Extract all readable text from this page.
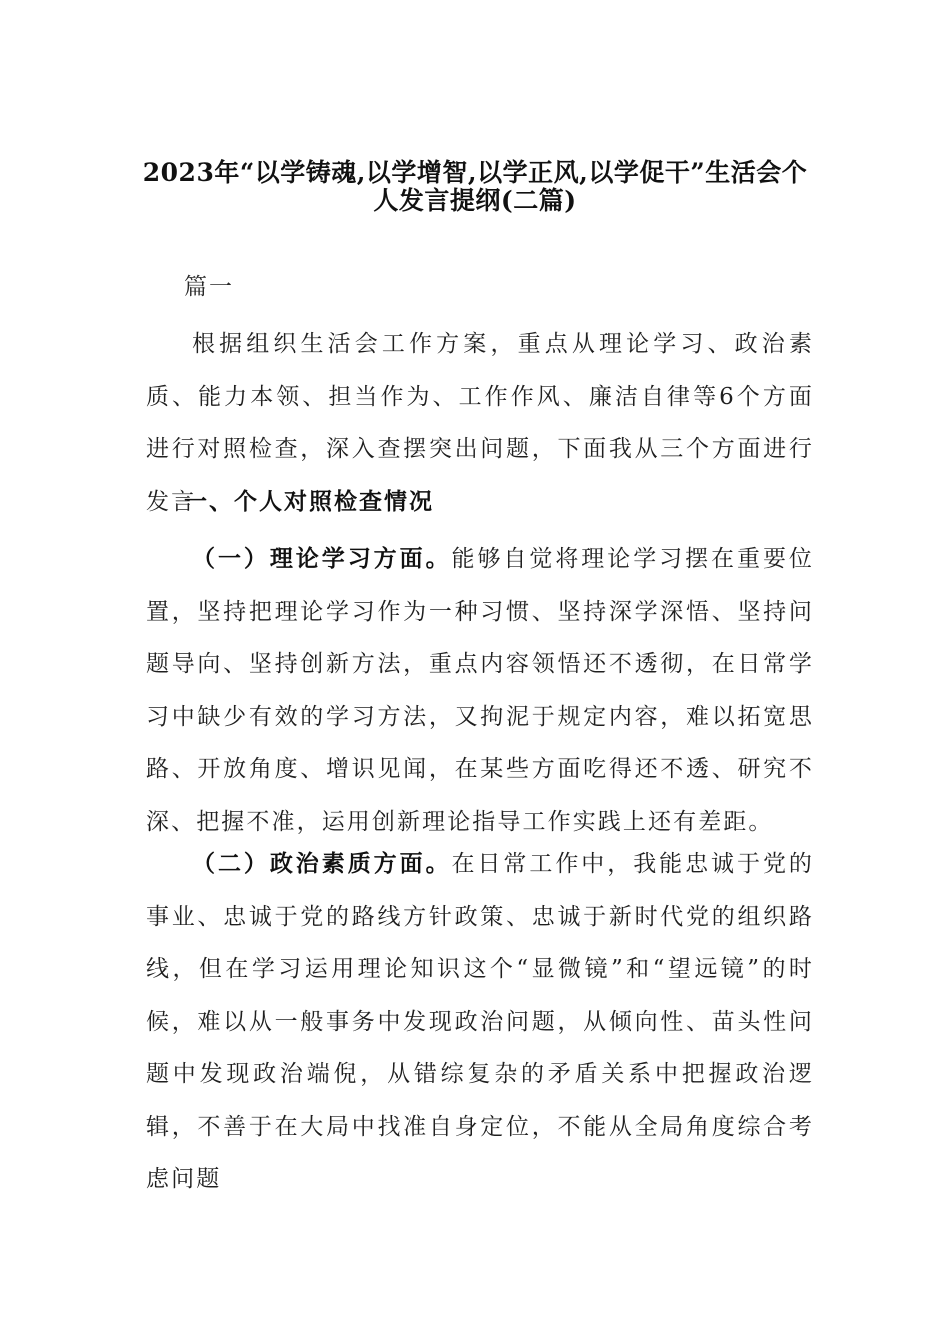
2023年“以学铸魂,以学增智,以学正风,以学促干”生活会个
人发言提纲(二篇)
篇一
根据组织生活会工作方案，重点从理论学习、政治素质、能力本领、担当作为、工作作风、廉洁自律等6个方面进行对照检查，深入查摆突出问题，下面我从三个方面进行发言
一、个人对照检查情况
（一）理论学习方面。能够自觉将理论学习摆在重要位置，坚持把理论学习作为一种习惯、坚持深学深悟、坚持问题导向、坚持创新方法，重点内容领悟还不透彻，在日常学习中缺少有效的学习方法，又拘泥于规定内容，难以拓宽思路、开放角度、增识见闻，在某些方面吃得还不透、研究不深、把握不准，运用创新理论指导工作实践上还有差距。
（二）政治素质方面。在日常工作中，我能忠诚于党的事业、忠诚于党的路线方针政策、忠诚于新时代党的组织路线，但在学习运用理论知识这个“显微镜”和“望远镜”的时候，难以从一般事务中发现政治问题，从倾向性、苗头性问题中发现政治端倪，从错综复杂的矛盾关系中把握政治逻辑，不善于在大局中找准自身定位，不能从全局角度综合考虑问题
